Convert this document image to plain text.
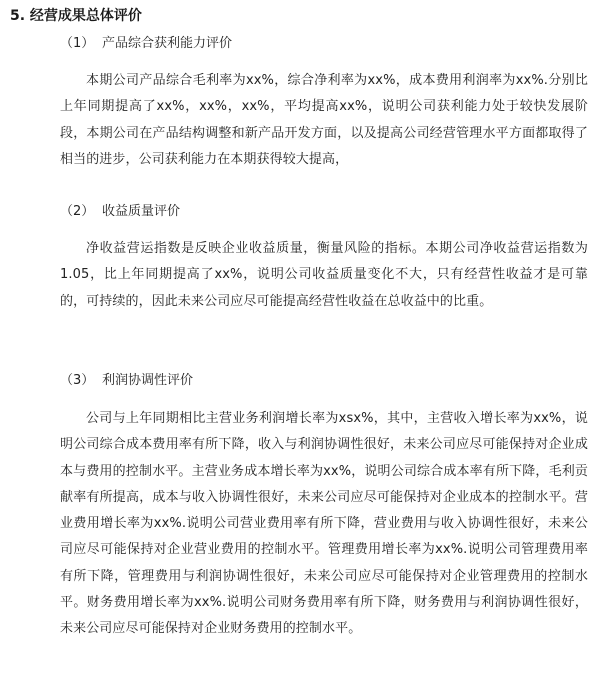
5. 经营成果总体评价
（1） 产品综合获利能力评价

本期公司产品综合毛利率为xx%，综合净利率为xx%，成本费用利润率为xx%.分别比上年同期提高了xx%，xx%，xx%，平均提高xx%，说明公司获利能力处于较快发展阶段，本期公司在产品结构调整和新产品开发方面，以及提高公司经营管理水平方面都取得了相当的进步，公司获利能力在本期获得较大提高，

（2） 收益质量评价

净收益营运指数是反映企业收益质量，衡量风险的指标。本期公司净收益营运指数为1.05，比上年同期提高了xx%，说明公司收益质量变化不大，只有经营性收益才是可靠的，可持续的，因此未来公司应尽可能提高经营性收益在总收益中的比重。

（3） 利润协调性评价

公司与上年同期相比主营业务利润增长率为xsx%，其中，主营收入增长率为xx%，说明公司综合成本费用率有所下降，收入与利润协调性很好，未来公司应尽可能保持对企业成本与费用的控制水平。主营业务成本增长率为xx%，说明公司综合成本率有所下降，毛利贡献率有所提高，成本与收入协调性很好，未来公司应尽可能保持对企业成本的控制水平。营业费用增长率为xx%.说明公司营业费用率有所下降，营业费用与收入协调性很好，未来公司应尽可能保持对企业营业费用的控制水平。管理费用增长率为xx%.说明公司管理费用率有所下降，管理费用与利润协调性很好，未来公司应尽可能保持对企业管理费用的控制水平。财务费用增长率为xx%.说明公司财务费用率有所下降，财务费用与利润协调性很好，未来公司应尽可能保持对企业财务费用的控制水平。
